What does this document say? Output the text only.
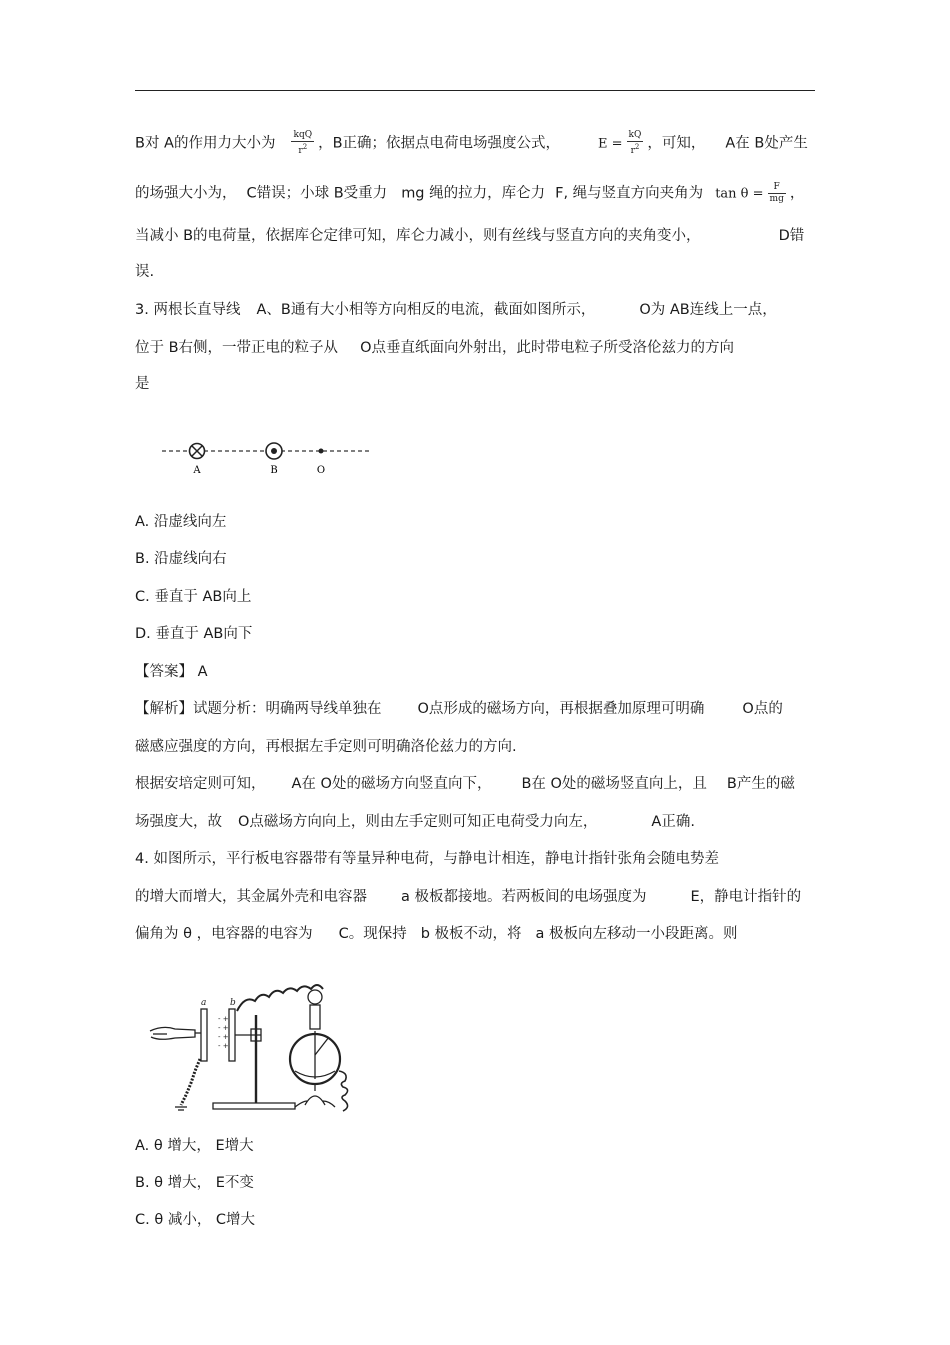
B对 A的作用力大小为 $\frac{\text{kqQ}}{r^2}$ ，B正确；依据点电荷电场强度公式，	$E = \frac{kQ}{r^2}$ ，可知， A在 B处产生
的场强大小为， C错误；小球 B受重力 mg 绳的拉力，库仑力 F, 绳与竖直方向夹角为 $\tan \theta = \frac{F}{mg}$ ，
当减小 B的电荷量，依据库仑定律可知，库仑力减小，则有丝线与竖直方向的夹角变小，	D错
误.
3. 两根长直导线 A、B通有大小相等方向相反的电流，截面如图所示，	O为 AB连线上一点，
位于 B右侧，一带正电的粒子从 O点垂直纸面向外射出，此时带电粒子所受洛伦兹力的方向
是
A	B	O
A. 沿虚线向左
B. 沿虚线向右
C. 垂直于 AB向上
D. 垂直于 AB向下
【答案】 A
【解析】试题分析：明确两导线单独在 O点形成的磁场方向，再根据叠加原理可明确	O点的
磁感应强度的方向，再根据左手定则可明确洛伦兹力的方向.
根据安培定则可知， A在 O处的磁场方向竖直向下， B在 O处的磁场竖直向上，且 B产生的磁
场强度大，故 O点磁场方向向上，则由左手定则可知正电荷受力向左，	A正确.
4. 如图所示，平行板电容器带有等量异种电荷，与静电计相连，静电计指针张角会随电势差
的增大而增大，其金属外壳和电容器 a 极板都接地。若两板间的电场强度为	E，静电计指针的
偏角为 θ ，电容器的电容为 C。现保持 b 极板不动，将 a 极板向左移动一小段距离。则
- +
- +
- +
- +
a	b
A. θ 增大， E增大
B. θ 增大， E不变
C. θ 减小， C增大
